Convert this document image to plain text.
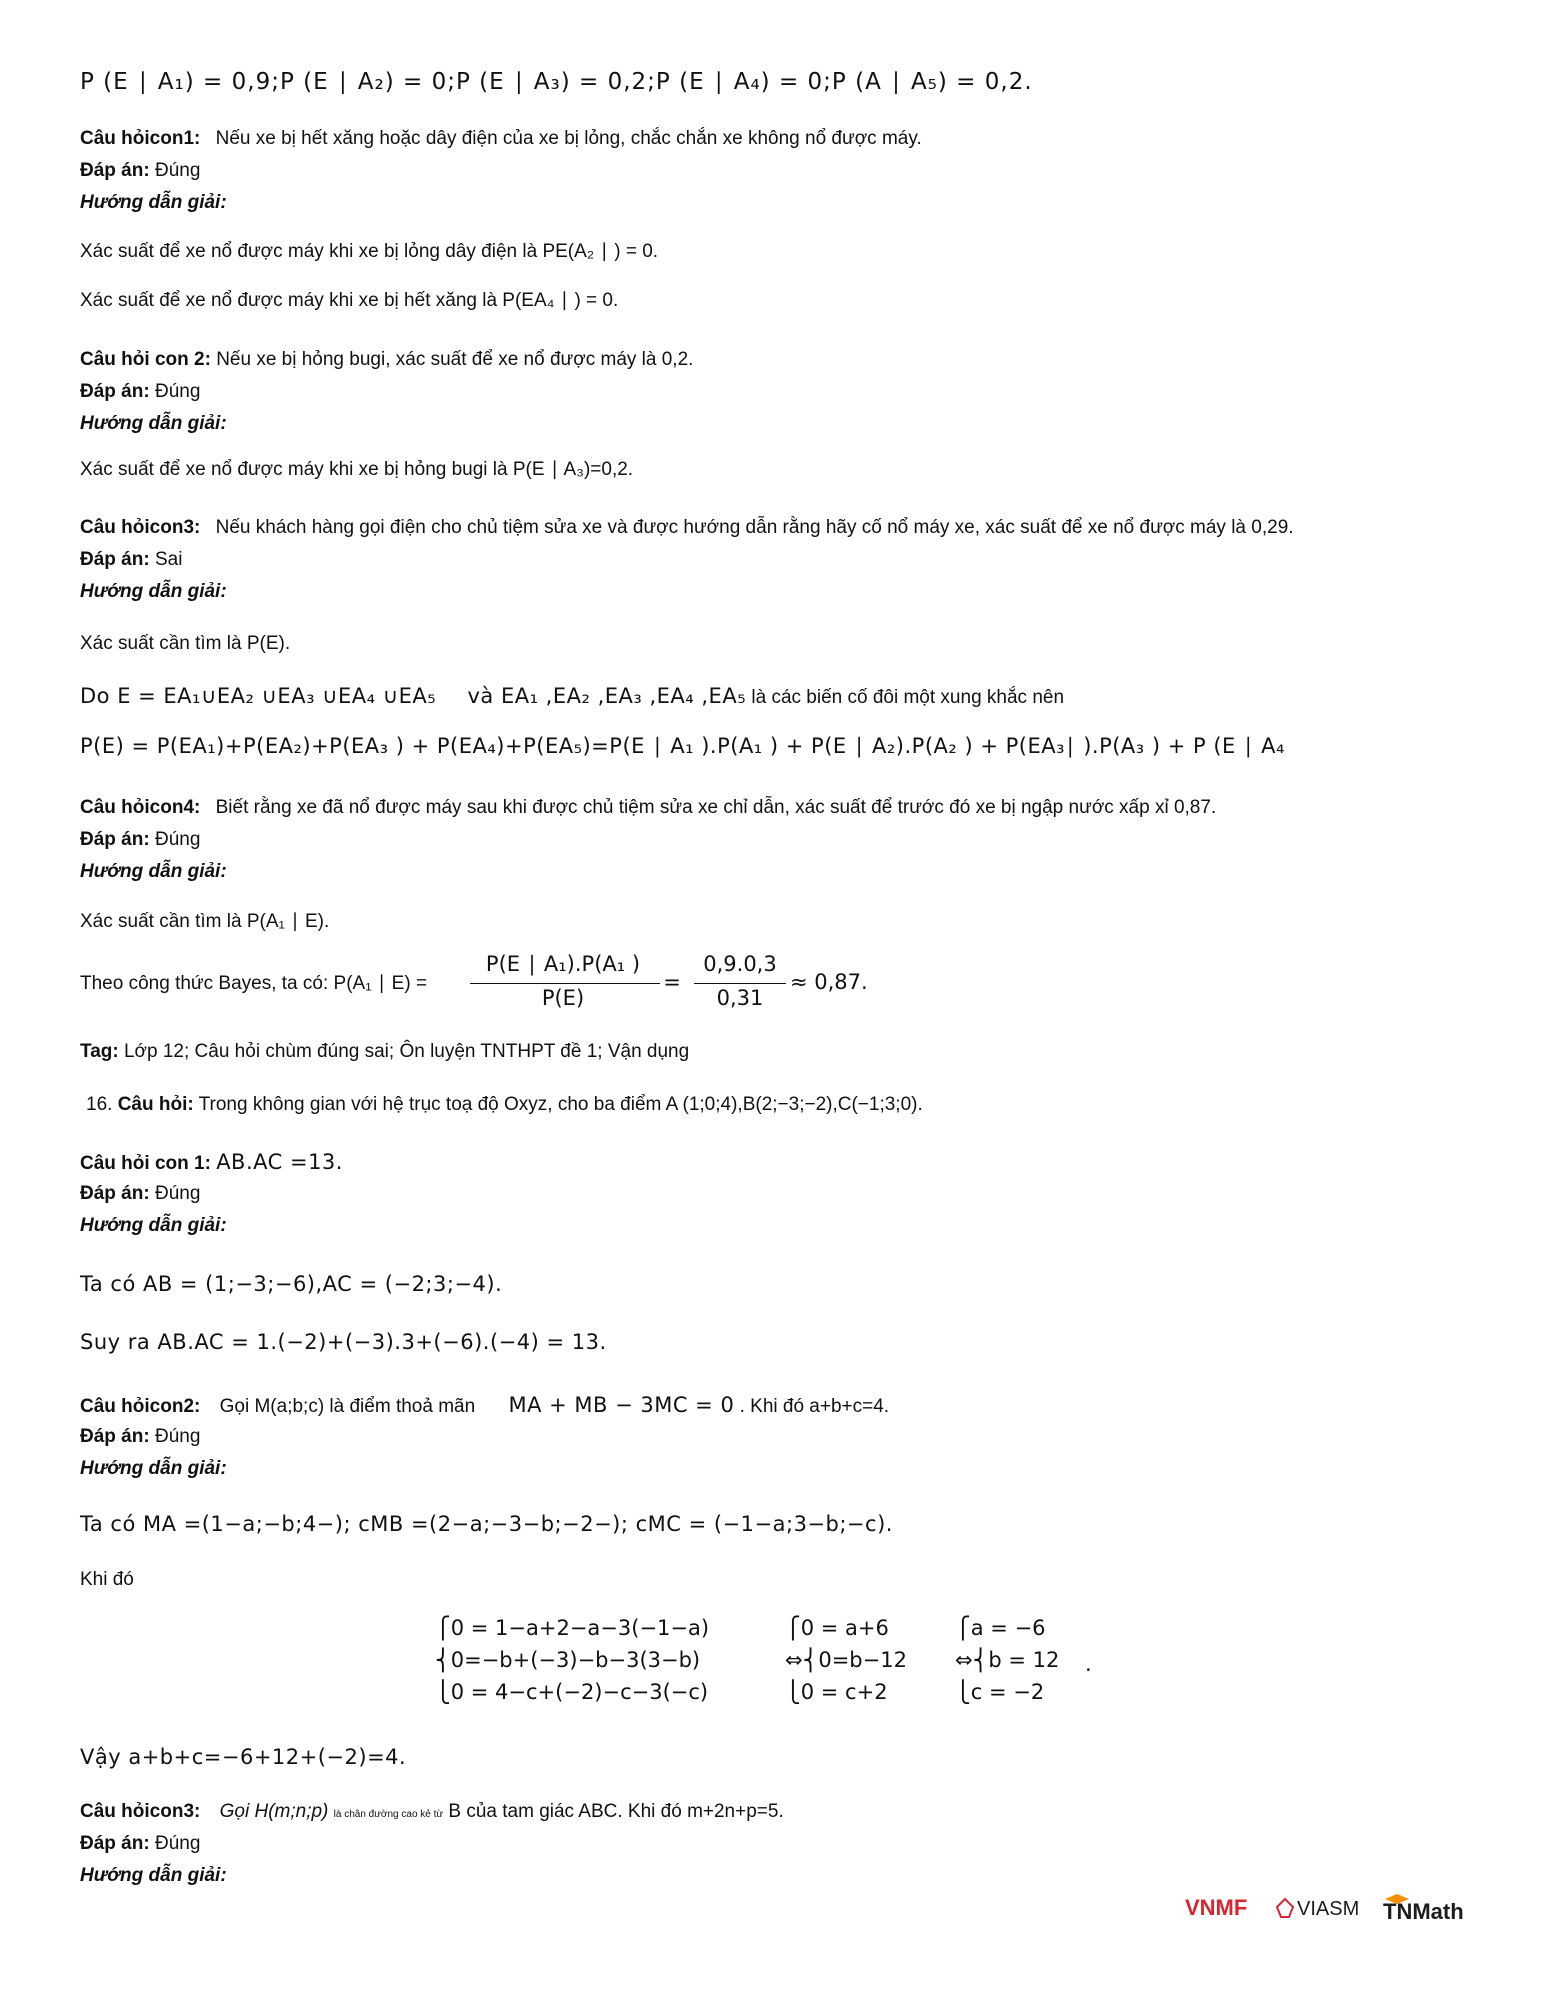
P (E ∣ A₁) = 0,9;P (E ∣ A₂) = 0;P (E ∣ A₃) = 0,2;P (E ∣ A₄) = 0;P (A ∣ A₅) = 0,2.
Câu hỏicon1: Nếu xe bị hết xăng hoặc dây điện của xe bị lỏng, chắc chắn xe không nổ được máy.
Đáp án: Đúng
Hướng dẫn giải:
Xác suất để xe nổ được máy khi xe bị lỏng dây điện là PE(A₂ ∣ ) = 0.
Xác suất để xe nổ được máy khi xe bị hết xăng là P(EA₄ ∣ ) = 0.
Câu hỏi con 2: Nếu xe bị hỏng bugi, xác suất để xe nổ được máy là 0,2.
Đáp án: Đúng
Hướng dẫn giải:
Xác suất để xe nổ được máy khi xe bị hỏng bugi là P(E ∣ A₃)=0,2.
Câu hỏicon3: Nếu khách hàng gọi điện cho chủ tiệm sửa xe và được hướng dẫn rằng hãy cố nổ máy xe, xác suất để xe nổ được máy là 0,29.
Đáp án: Sai
Hướng dẫn giải:
Xác suất cần tìm là P(E).
Do E = EA₁∪EA₂ ∪EA₃ ∪EA₄ ∪EA₅ và EA₁ ,EA₂ ,EA₃ ,EA₄ ,EA₅ là các biến cố đôi một xung khắc nên
P(E) = P(EA₁)+P(EA₂)+P(EA₃ ) + P(EA₄)+P(EA₅)=P(E ∣ A₁ ).P(A₁ ) + P(E ∣ A₂).P(A₂ ) + P(EA₃∣ ).P(A₃ ) + P (E ∣ A₄
Câu hỏicon4: Biết rằng xe đã nổ được máy sau khi được chủ tiệm sửa xe chỉ dẫn, xác suất để trước đó xe bị ngập nước xấp xỉ 0,87.
Đáp án: Đúng
Hướng dẫn giải:
Xác suất cần tìm là P(A₁ ∣ E).
Theo công thức Bayes, ta có: P(A₁ ∣ E) =
P(E ∣ A₁).P(A₁ )
P(E)
=
0,9.0,3
0,31
≈ 0,87.
Tag: Lớp 12; Câu hỏi chùm đúng sai; Ôn luyện TNTHPT đề 1; Vận dụng
16. Câu hỏi: Trong không gian với hệ trục toạ độ Oxyz, cho ba điểm A (1;0;4),B(2;−3;−2),C(−1;3;0).
Câu hỏi con 1: AB.AC =13.
Đáp án: Đúng
Hướng dẫn giải:
Ta có AB = (1;−3;−6),AC = (−2;3;−4).
Suy ra AB.AC = 1.(−2)+(−3).3+(−6).(−4) = 13.
Câu hỏicon2: Gọi M(a;b;c) là điểm thoả mãn MA + MB − 3MC = 0 . Khi đó a+b+c=4.
Đáp án: Đúng
Hướng dẫn giải:
Ta có MA =(1−a;−b;4−); cMB =(2−a;−3−b;−2−); cMC = (−1−a;3−b;−c).
Khi đó
⎧0 = 1−a+2−a−3(−1−a)
⎨0=−b+(−3)−b−3(3−b)
⎩0 = 4−c+(−2)−c−3(−c)
⎧0 = a+6
⇔⎨0=b−12
⎩0 = c+2
⎧a = −6
⇔⎨b = 12
⎩c = −2
.
Vậy a+b+c=−6+12+(−2)=4.
Câu hỏicon3: Gọi H(m;n;p) là chân đường cao kẻ từ B của tam giác ABC. Khi đó m+2n+p=5.
Đáp án: Đúng
Hướng dẫn giải:
VNMF VIASM TNMath
